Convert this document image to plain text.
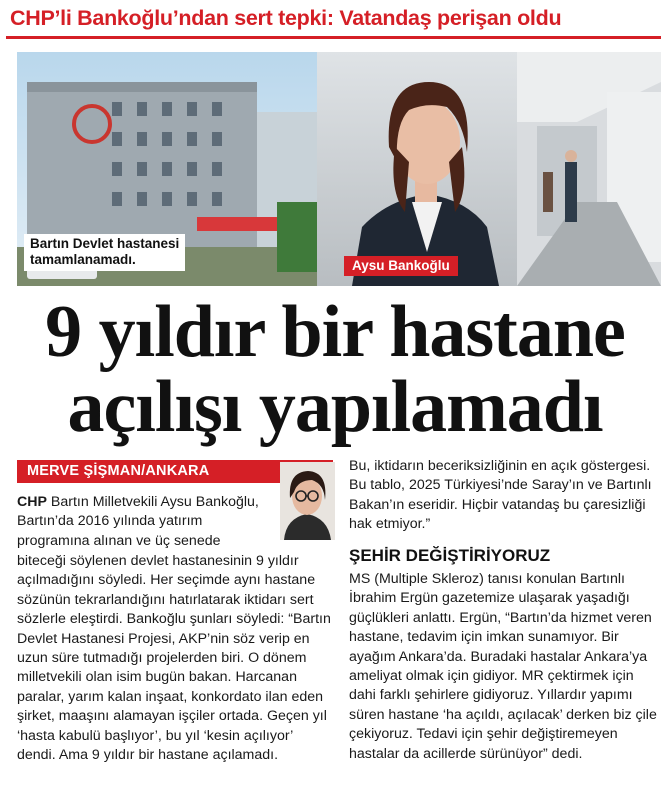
CHP’li Bankoğlu’ndan sert tepki: Vatandaş perişan oldu
Bartın Devlet hastanesi
tamamlanamadı.	Aysu Bankoğlu
9 yıldır bir hastane
açılışı yapılamadı
MERVE ŞİŞMAN/ANKARA

CHP Bartın Milletvekili Aysu Bankoğlu, Bartın’da 2016 yılında yatırım programına alınan ve üç senede

biteceği söylenen devlet hastanesinin 9 yıldır açılmadığını söyledi. Her seçimde aynı hastane sözünün tekrarlandığını hatırlatarak iktidarı sert sözlerle eleştirdi. Bankoğlu şunları söyledi: “Bartın Devlet Hastanesi Projesi, AKP’nin söz verip en uzun süre tutmadığı projelerden biri. O dönem milletvekili olan isim bugün bakan. Harcanan paralar, yarım kalan inşaat, konkordato ilan eden şirket, maaşını alamayan işçiler ortada. Geçen yıl ‘hasta kabulü başlıyor’, bu yıl ‘kesin açılıyor’ dendi. Ama 9 yıldır bir hastane açılamadı.

Bu, iktidarın beceriksizliğinin en açık göstergesi. Bu tablo, 2025 Türkiyesi’nde Saray’ın ve Bartınlı Bakan’ın eseridir. Hiçbir vatandaş bu çaresizliği hak etmiyor.”

ŞEHİR DEĞİŞTİRİYORUZ

MS (Multiple Skleroz) tanısı konulan Bartınlı İbrahim Ergün gazetemize ulaşarak yaşadığı güçlükleri anlattı. Ergün, “Bartın’da hizmet veren hastane, tedavim için imkan sunamıyor. Bir ayağım Ankara’da. Buradaki hastalar Ankara’ya ameliyat olmak için gidiyor. MR çektirmek için dahi farklı şehirlere gidiyoruz. Yıllardır yapımı süren hastane ‘ha açıldı, açılacak’ derken biz çile çekiyoruz. Tedavi için şehir değiştiremeyen hastalar da acillerde sürünüyor” dedi.
